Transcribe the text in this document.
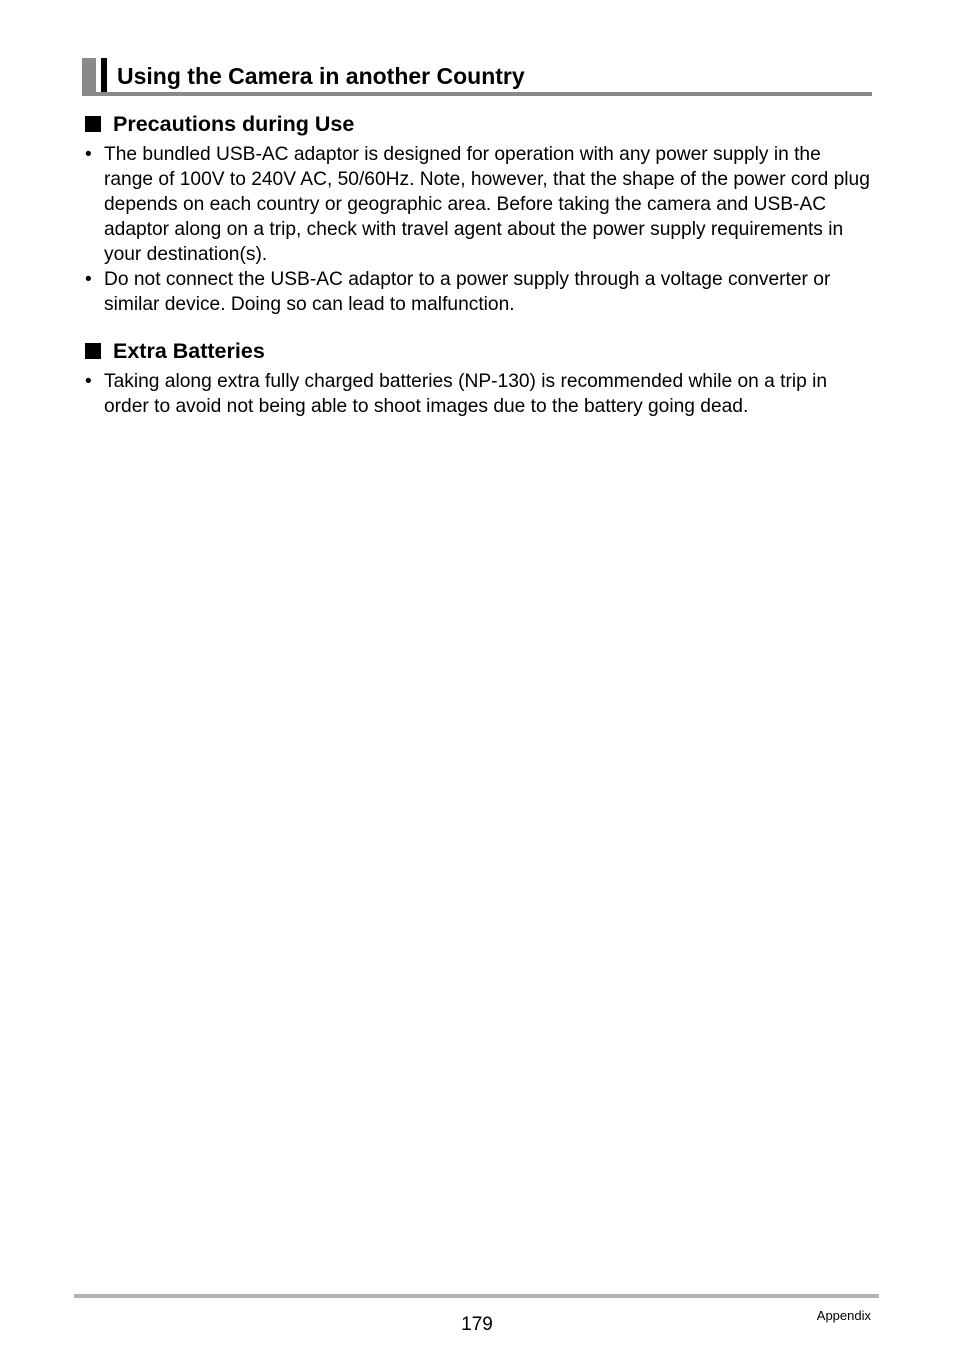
Using the Camera in another Country
Precautions during Use
• The bundled USB-AC adaptor is designed for operation with any power supply in the range of 100V to 240V AC, 50/60Hz. Note, however, that the shape of the power cord plug depends on each country or geographic area. Before taking the camera and USB-AC adaptor along on a trip, check with travel agent about the power supply requirements in your destination(s).
• Do not connect the USB-AC adaptor to a power supply through a voltage converter or similar device. Doing so can lead to malfunction.
Extra Batteries
• Taking along extra fully charged batteries (NP-130) is recommended while on a trip in order to avoid not being able to shoot images due to the battery going dead.
179	Appendix
